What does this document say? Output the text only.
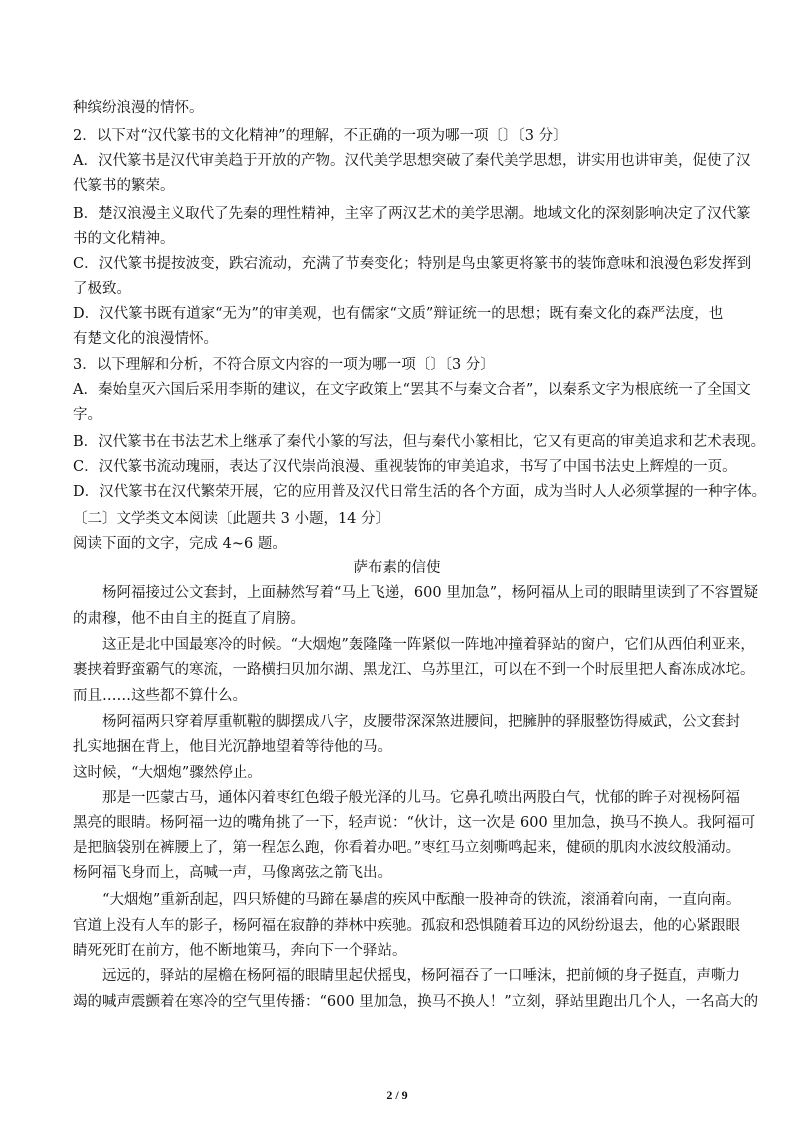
种缤纷浪漫的情怀。
2．以下对“汉代篆书的文化精神”的理解，不正确的一项为哪一项〔〕〔3 分〕
A．汉代篆书是汉代审美趋于开放的产物。汉代美学思想突破了秦代美学思想，讲实用也讲审美，促使了汉
代篆书的繁荣。
B．楚汉浪漫主义取代了先秦的理性精神，主宰了两汉艺术的美学思潮。地域文化的深刻影响决定了汉代篆
书的文化精神。
C．汉代篆书提按波变，跌宕流动，充满了节奏变化；特别是鸟虫篆更将篆书的装饰意味和浪漫色彩发挥到
了极致。
D．汉代篆书既有道家“无为”的审美观，也有儒家“文质”辩证统一的思想；既有秦文化的森严法度，也
有楚文化的浪漫情怀。
3．以下理解和分析，不符合原文内容的一项为哪一项〔〕〔3 分〕
A．秦始皇灭六国后采用李斯的建议，在文字政策上“罢其不与秦文合者”，以秦系文字为根底统一了全国文
字。
B．汉代篆书在书法艺术上继承了秦代小篆的写法，但与秦代小篆相比，它又有更高的审美追求和艺术表现。
C．汉代篆书流动瑰丽，表达了汉代崇尚浪漫、重视装饰的审美追求，书写了中国书法史上辉煌的一页。
D．汉代篆书在汉代繁荣开展，它的应用普及汉代日常生活的各个方面，成为当时人人必须掌握的一种字体。
〔二〕文学类文本阅读〔此题共 3 小题，14 分〕
阅读下面的文字，完成 4~6 题。
萨布素的信使
杨阿福接过公文套封，上面赫然写着“马上飞递，600 里加急”，杨阿福从上司的眼睛里读到了不容置疑
的肃穆，他不由自主的挺直了肩膀。
这正是北中国最寒冷的时候。“大烟炮”轰隆隆一阵紧似一阵地冲撞着驿站的窗户，它们从西伯利亚来，
裹挟着野蛮霸气的寒流，一路横扫贝加尔湖、黑龙江、乌苏里江，可以在不到一个时辰里把人畜冻成冰坨。
而且……这些都不算什么。
杨阿福两只穿着厚重靰鞡的脚摆成八字，皮腰带深深煞进腰间，把臃肿的驿服整饬得威武，公文套封
扎实地捆在背上，他目光沉静地望着等待他的马。
这时候，“大烟炮”骤然停止。
那是一匹蒙古马，通体闪着枣红色缎子般光泽的儿马。它鼻孔喷出两股白气，忧郁的眸子对视杨阿福
黑亮的眼睛。杨阿福一边的嘴角挑了一下，轻声说：“伙计，这一次是 600 里加急，换马不换人。我阿福可
是把脑袋别在裤腰上了，第一程怎么跑，你看着办吧。”枣红马立刻嘶鸣起来，健硕的肌肉水波纹般涌动。
杨阿福飞身而上，高喊一声，马像离弦之箭飞出。
“大烟炮”重新刮起，四只矫健的马蹄在暴虐的疾风中酝酿一股神奇的铁流，滚涌着向南，一直向南。
官道上没有人车的影子，杨阿福在寂静的莽林中疾驰。孤寂和恐惧随着耳边的风纷纷退去，他的心紧跟眼
睛死死盯在前方，他不断地策马，奔向下一个驿站。
远远的，驿站的屋檐在杨阿福的眼睛里起伏摇曳，杨阿福吞了一口唾沫，把前倾的身子挺直，声嘶力
竭的喊声震颤着在寒冷的空气里传播：“600 里加急，换马不换人！”立刻，驿站里跑出几个人，一名高大的
2 / 9
